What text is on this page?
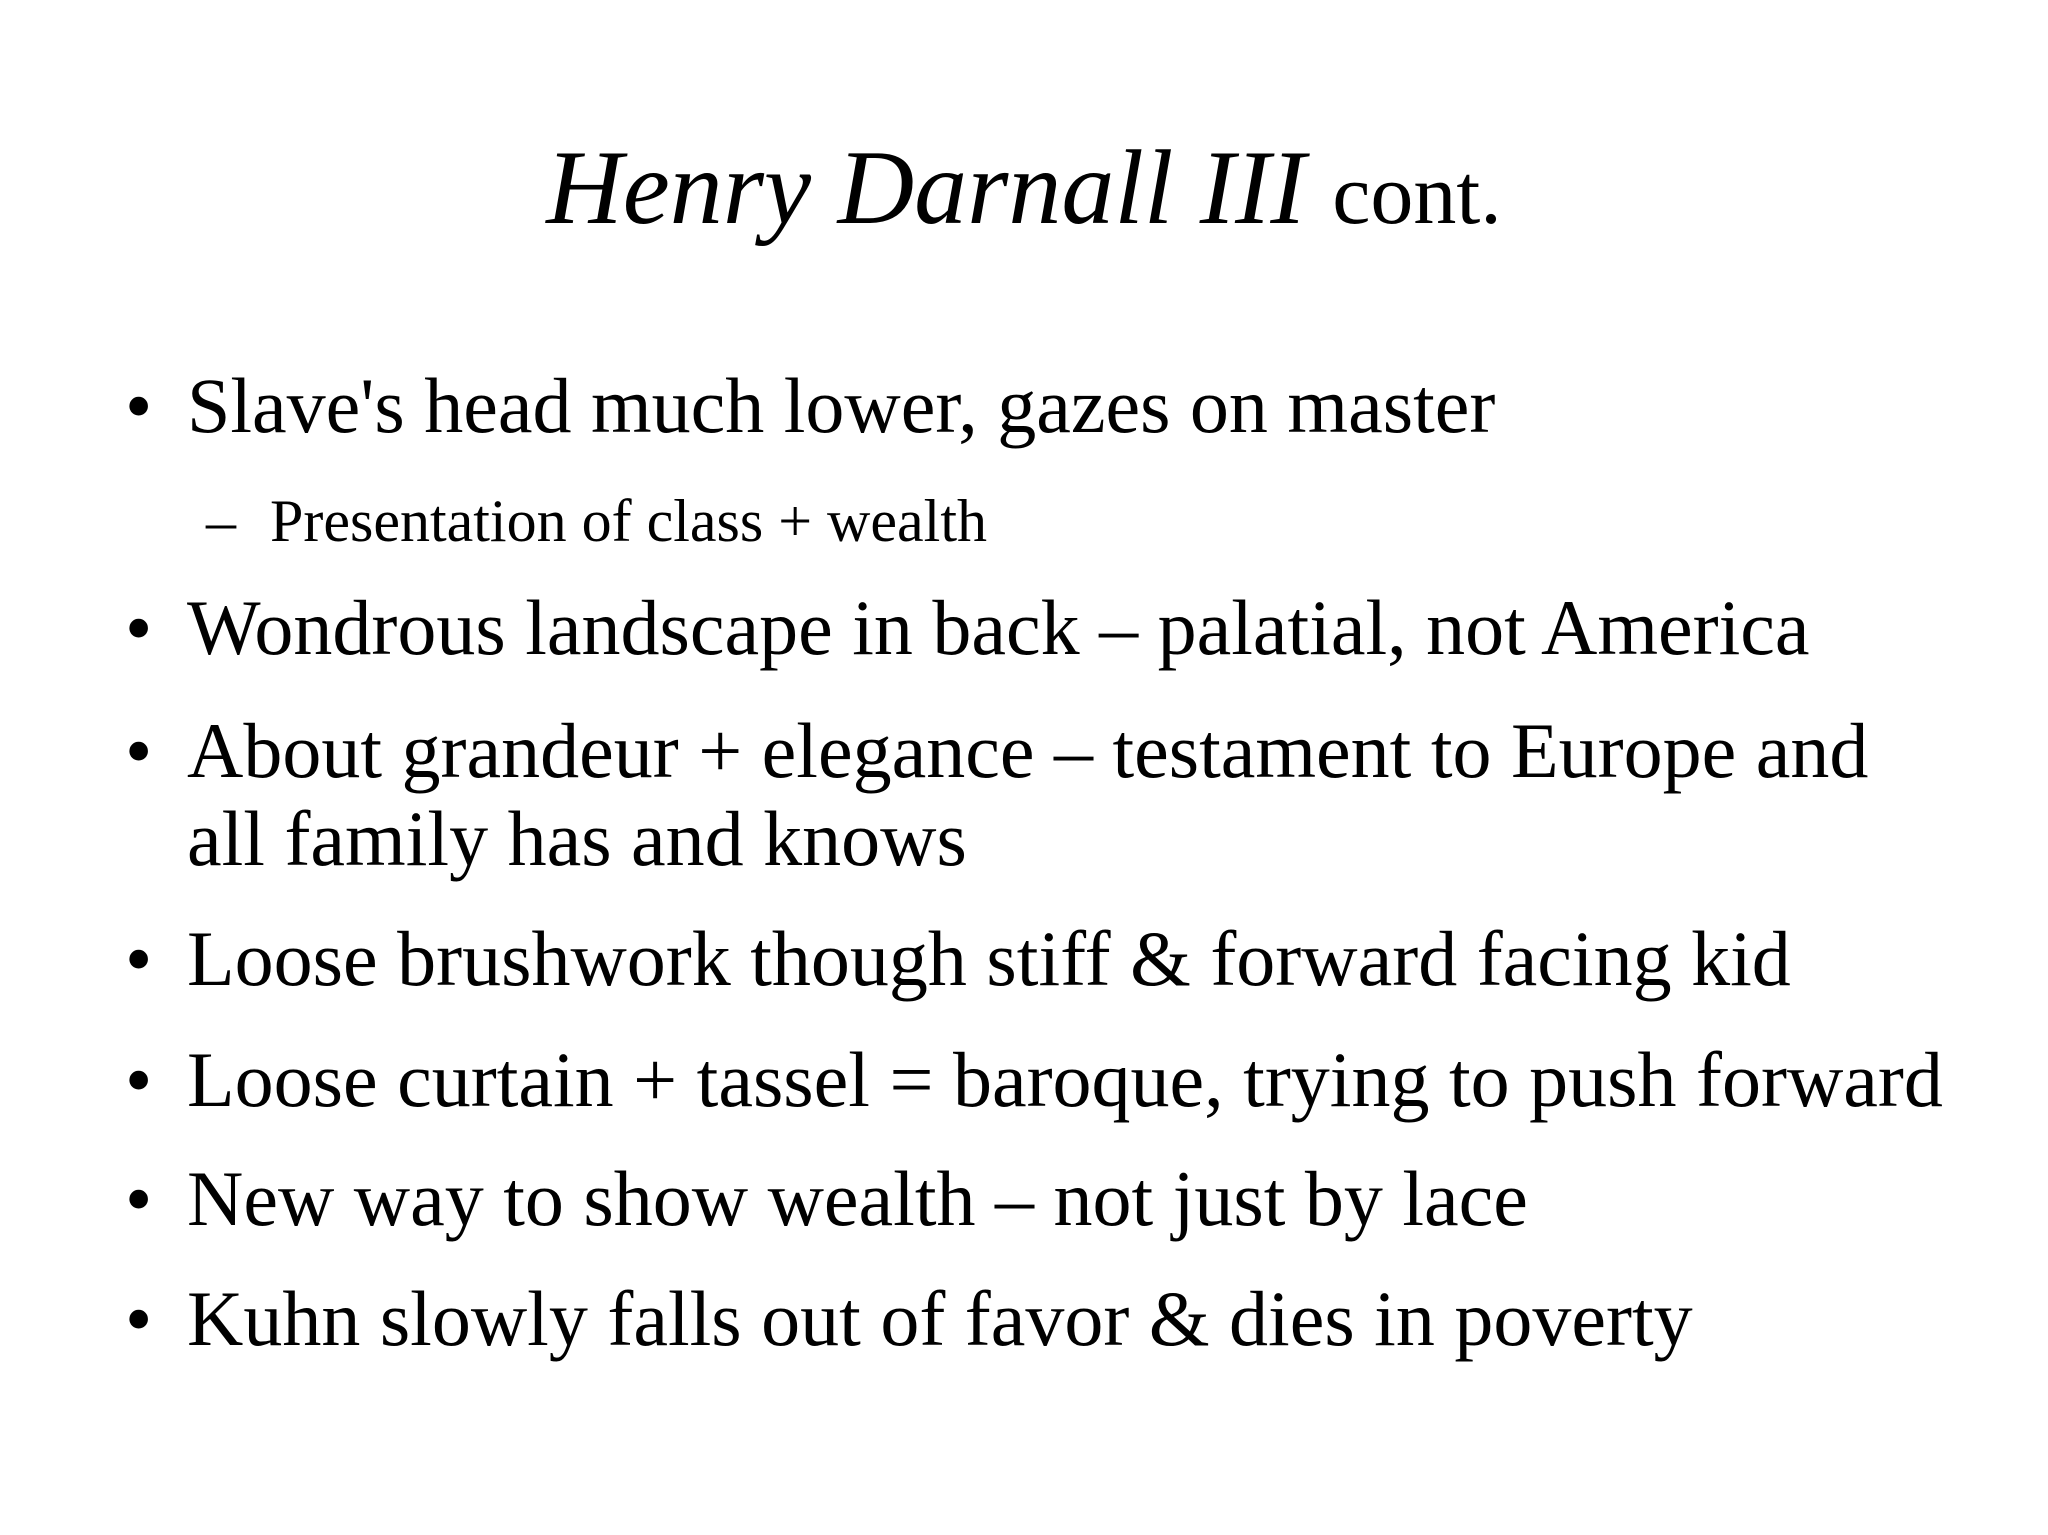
Henry Darnall III cont.
• Slave's head much lower, gazes on master
– Presentation of class + wealth
• Wondrous landscape in back – palatial, not America
• About grandeur + elegance – testament to Europe and all family has and knows
• Loose brushwork though stiff & forward facing kid
• Loose curtain + tassel = baroque, trying to push forward
• New way to show wealth – not just by lace
• Kuhn slowly falls out of favor & dies in poverty
